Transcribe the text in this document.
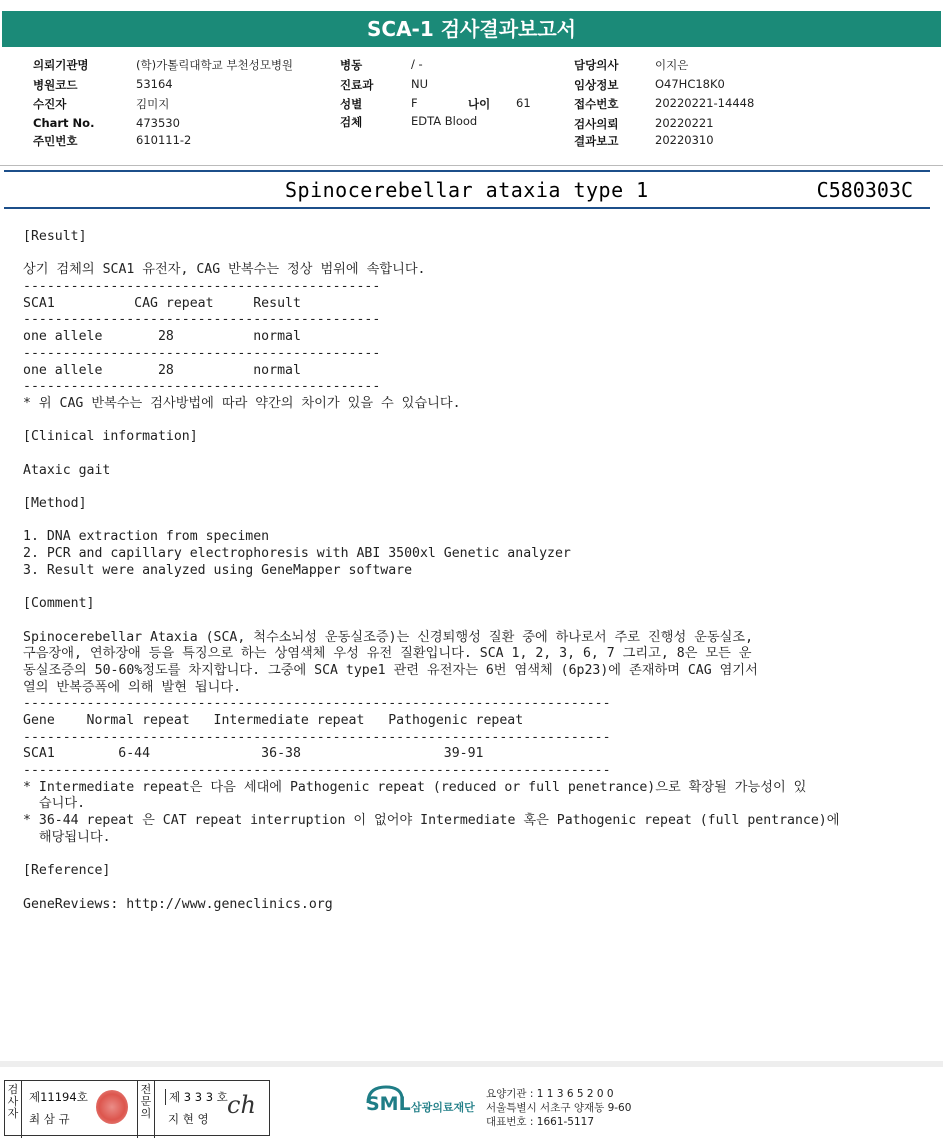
SCA-1 검사결과보고서
의뢰기관명	(학)가톨릭대학교 부천성모병원
병원코드	53164
수진자	김미지
Chart No.	473530
주민번호	610111-2
병동	/ -
진료과	NU
성별	F	나이 61
검체	EDTA Blood
담당의사	이지은
임상정보	O47HC18K0
접수번호	20220221-14448
검사의뢰	20220221
결과보고	20220310
Spinocerebellar ataxia type 1	C580303C
[Result]
상기 검체의 SCA1 유전자, CAG 반복수는 정상 범위에 속합니다.
---------------------------------------------
SCA1          CAG repeat     Result
---------------------------------------------
one allele       28          normal
---------------------------------------------
one allele       28          normal
---------------------------------------------
* 위 CAG 반복수는 검사방법에 따라 약간의 차이가 있을 수 있습니다.
[Clinical information]
Ataxic gait
[Method]
1. DNA extraction from specimen
2. PCR and capillary electrophoresis with ABI 3500xl Genetic analyzer
3. Result were analyzed using GeneMapper software
[Comment]
Spinocerebellar Ataxia (SCA, 척수소뇌성 운동실조증)는 신경퇴행성 질환 중에 하나로서 주로 진행성 운동실조,
구음장애, 연하장애 등을 특징으로 하는 상염색체 우성 유전 질환입니다. SCA 1, 2, 3, 6, 7 그리고, 8은 모든 운
동실조증의 50-60%정도를 차지합니다. 그중에 SCA type1 관련 유전자는 6번 염색체 (6p23)에 존재하며 CAG 염기서
열의 반복증폭에 의해 발현 됩니다.
--------------------------------------------------------------------------
Gene    Normal repeat   Intermediate repeat   Pathogenic repeat
--------------------------------------------------------------------------
SCA1        6-44              36-38                  39-91
--------------------------------------------------------------------------
* Intermediate repeat은 다음 세대에 Pathogenic repeat (reduced or full penetrance)으로 확장될 가능성이 있
습니다.
* 36-44 repeat 은 CAT repeat interruption 이 없어야 Intermediate 혹은 Pathogenic repeat (full pentrance)에
해당됩니다.
[Reference]
GeneReviews: http://www.geneclinics.org
검사자
제11194호
최 삼 규
전문의
제 3 3 3 호
지 현 영 ch	SML 삼광의료재단
요양기관 : 1 1 3 6 5 2 0 0
서울특별시 서초구 양재동 9-60
대표번호 : 1661-5117
